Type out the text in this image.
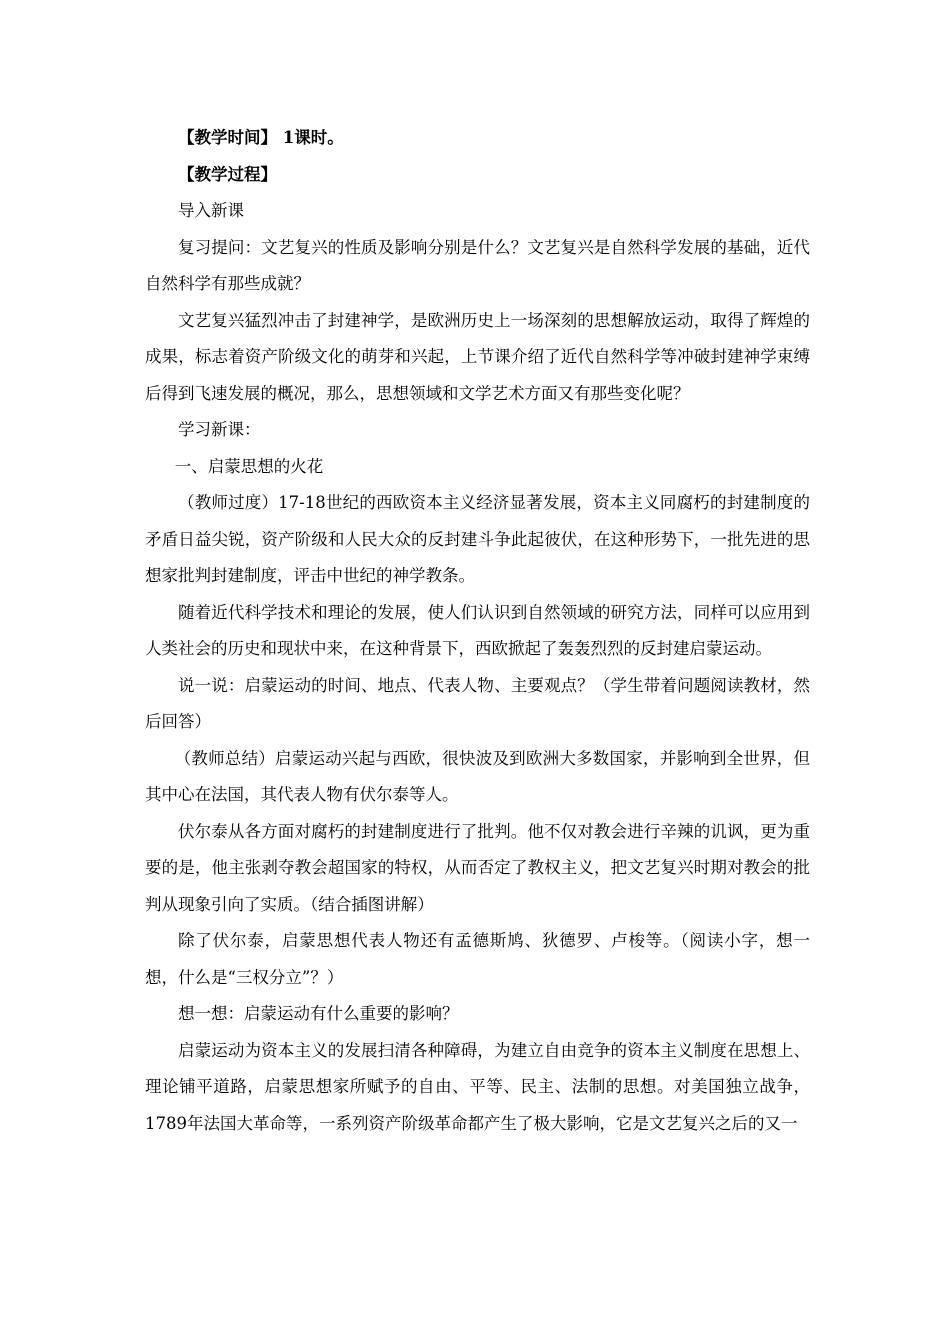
【教学时间】 1课时。

【教学过程】

导入新课

复习提问：文艺复兴的性质及影响分别是什么？文艺复兴是自然科学发展的基础，近代自然科学有那些成就？

文艺复兴猛烈冲击了封建神学，是欧洲历史上一场深刻的思想解放运动，取得了辉煌的成果，标志着资产阶级文化的萌芽和兴起，上节课介绍了近代自然科学等冲破封建神学束缚后得到飞速发展的概况，那么，思想领域和文学艺术方面又有那些变化呢？

学习新课：

一、启蒙思想的火花

（教师过度）17-18世纪的西欧资本主义经济显著发展，资本主义同腐朽的封建制度的矛盾日益尖锐，资产阶级和人民大众的反封建斗争此起彼伏，在这种形势下，一批先进的思想家批判封建制度，评击中世纪的神学教条。

随着近代科学技术和理论的发展，使人们认识到自然领域的研究方法，同样可以应用到人类社会的历史和现状中来，在这种背景下，西欧掀起了轰轰烈烈的反封建启蒙运动。

说一说：启蒙运动的时间、地点、代表人物、主要观点？（学生带着问题阅读教材，然后回答）

（教师总结）启蒙运动兴起与西欧，很快波及到欧洲大多数国家，并影响到全世界，但其中心在法国，其代表人物有伏尔泰等人。

伏尔泰从各方面对腐朽的封建制度进行了批判。他不仅对教会进行辛辣的讥讽，更为重要的是，他主张剥夺教会超国家的特权，从而否定了教权主义，把文艺复兴时期对教会的批判从现象引向了实质。（结合插图讲解）

除了伏尔泰，启蒙思想代表人物还有孟德斯鸠、狄德罗、卢梭等。（阅读小字，想一想，什么是“三权分立”？）

想一想：启蒙运动有什么重要的影响？

启蒙运动为资本主义的发展扫清各种障碍，为建立自由竞争的资本主义制度在思想上、理论铺平道路，启蒙思想家所赋予的自由、平等、民主、法制的思想。对美国独立战争，1789年法国大革命等，一系列资产阶级革命都产生了极大影响，它是文艺复兴之后的又一
